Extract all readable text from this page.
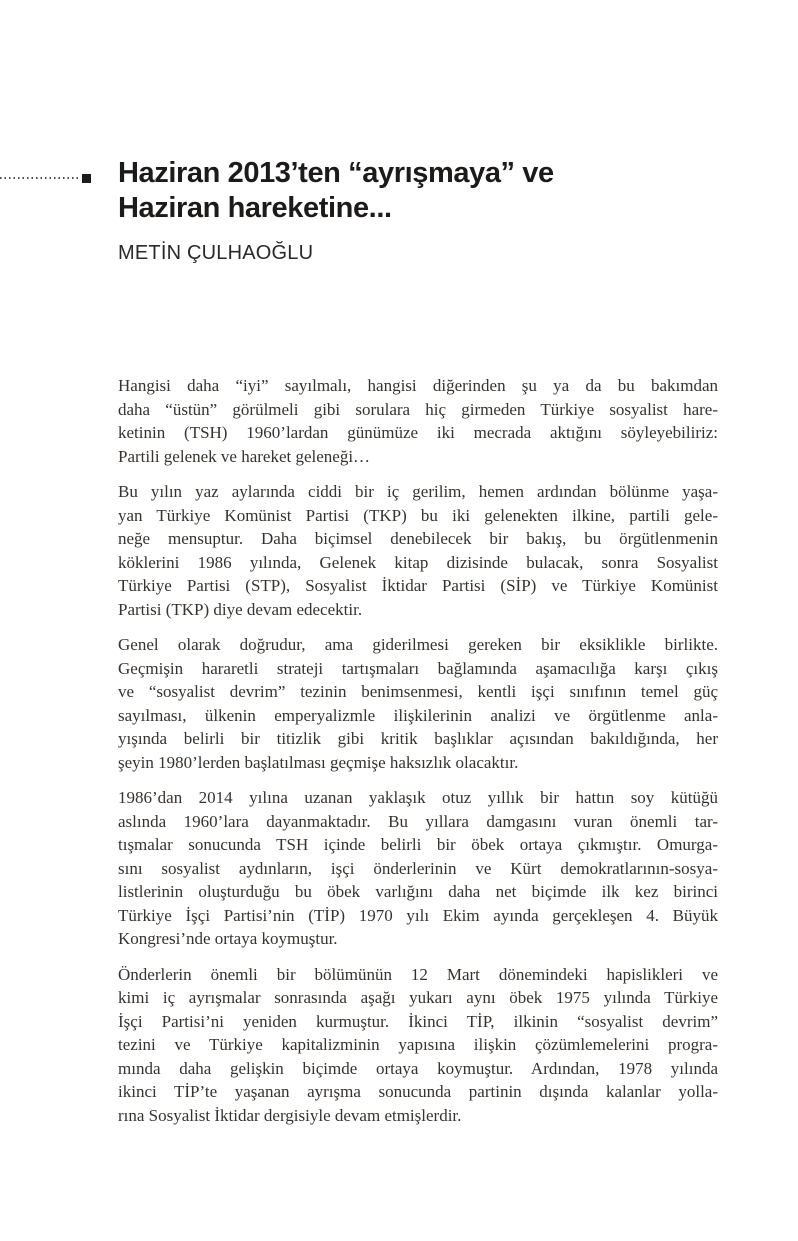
Haziran 2013’ten “ayrışmaya” ve
Haziran hareketine...
METİN ÇULHAOĞLU
Hangisi daha “iyi” sayılmalı, hangisi diğerinden şu ya da bu bakımdan
daha “üstün” görülmeli gibi sorulara hiç girmeden Türkiye sosyalist hare-
ketinin (TSH) 1960’lardan günümüze iki mecrada aktığını söyleyebiliriz:
Partili gelenek ve hareket geleneği…
Bu yılın yaz aylarında ciddi bir iç gerilim, hemen ardından bölünme yaşa-
yan Türkiye Komünist Partisi (TKP) bu iki gelenekten ilkine, partili gele-
neğe mensuptur. Daha biçimsel denebilecek bir bakış, bu örgütlenmenin
köklerini 1986 yılında, Gelenek kitap dizisinde bulacak, sonra Sosyalist
Türkiye Partisi (STP), Sosyalist İktidar Partisi (SİP) ve Türkiye Komünist
Partisi (TKP) diye devam edecektir.
Genel olarak doğrudur, ama giderilmesi gereken bir eksiklikle birlikte.
Geçmişin hararetli strateji tartışmaları bağlamında aşamacılığa karşı çıkış
ve “sosyalist devrim” tezinin benimsenmesi, kentli işçi sınıfının temel güç
sayılması, ülkenin emperyalizmle ilişkilerinin analizi ve örgütlenme anla-
yışında belirli bir titizlik gibi kritik başlıklar açısından bakıldığında, her
şeyin 1980’lerden başlatılması geçmişe haksızlık olacaktır.
1986’dan 2014 yılına uzanan yaklaşık otuz yıllık bir hattın soy kütüğü
aslında 1960’lara dayanmaktadır. Bu yıllara damgasını vuran önemli tar-
tışmalar sonucunda TSH içinde belirli bir öbek ortaya çıkmıştır. Omurga-
sını sosyalist aydınların, işçi önderlerinin ve Kürt demokratlarının-sosya-
listlerinin oluşturduğu bu öbek varlığını daha net biçimde ilk kez birinci
Türkiye İşçi Partisi’nin (TİP) 1970 yılı Ekim ayında gerçekleşen 4. Büyük
Kongresi’nde ortaya koymuştur.
Önderlerin önemli bir bölümünün 12 Mart dönemindeki hapislikleri ve
kimi iç ayrışmalar sonrasında aşağı yukarı aynı öbek 1975 yılında Türkiye
İşçi Partisi’ni yeniden kurmuştur. İkinci TİP, ilkinin “sosyalist devrim”
tezini ve Türkiye kapitalizminin yapısına ilişkin çözümlemelerini progra-
mında daha gelişkin biçimde ortaya koymuştur. Ardından, 1978 yılında
ikinci TİP’te yaşanan ayrışma sonucunda partinin dışında kalanlar yolla-
rına Sosyalist İktidar dergisiyle devam etmişlerdir.
